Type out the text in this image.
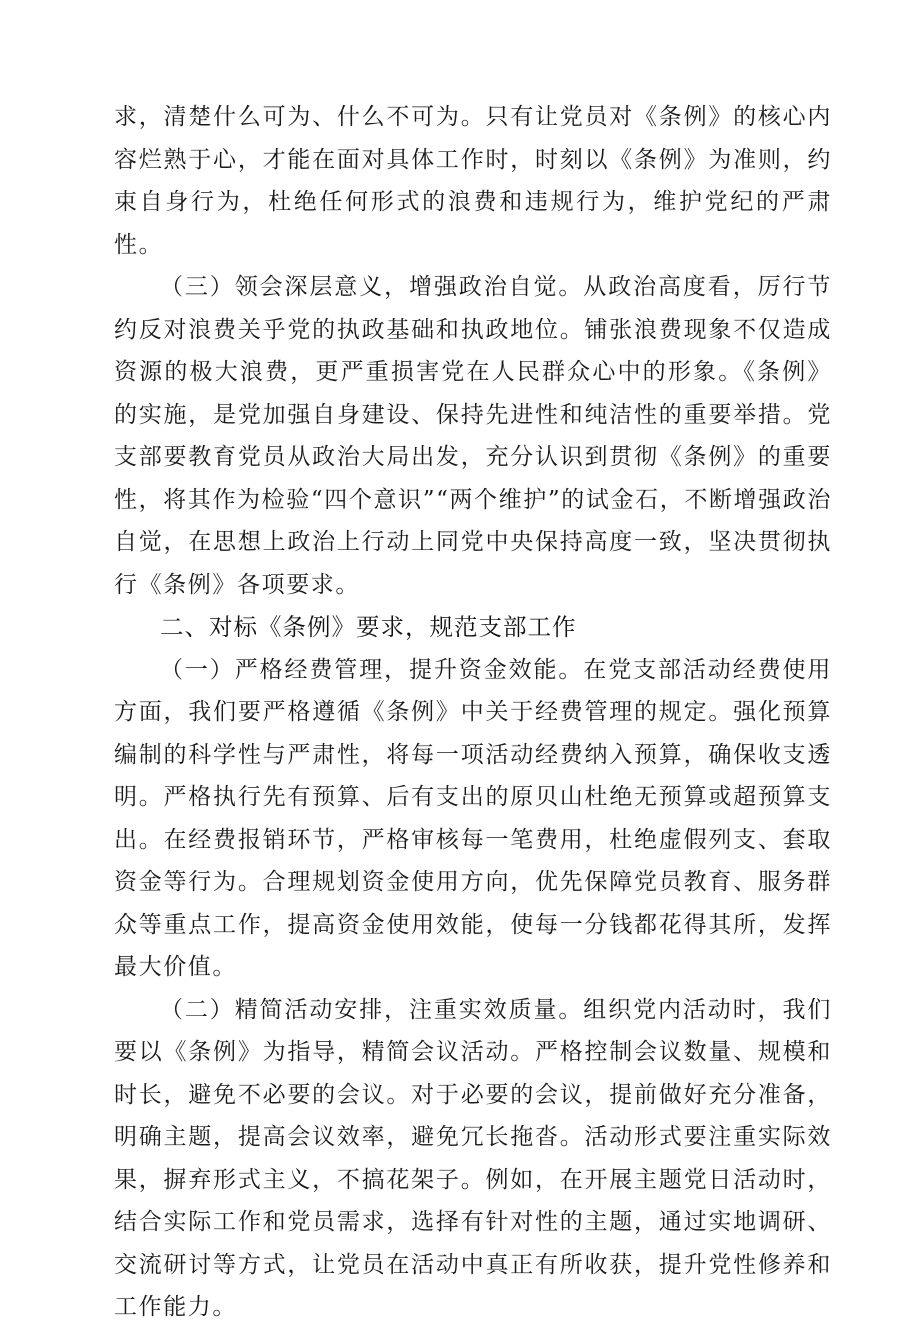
求，清楚什么可为、什么不可为。只有让党员对《条例》的核心内容烂熟于心，才能在面对具体工作时，时刻以《条例》为准则，约束自身行为，杜绝任何形式的浪费和违规行为，维护党纪的严肃性。

（三）领会深层意义，增强政治自觉。从政治高度看，厉行节约反对浪费关乎党的执政基础和执政地位。铺张浪费现象不仅造成资源的极大浪费，更严重损害党在人民群众心中的形象。《条例》的实施，是党加强自身建设、保持先进性和纯洁性的重要举措。党支部要教育党员从政治大局出发，充分认识到贯彻《条例》的重要性，将其作为检验“四个意识”“两个维护”的试金石，不断增强政治自觉，在思想上政治上行动上同党中央保持高度一致，坚决贯彻执行《条例》各项要求。

二、对标《条例》要求，规范支部工作

（一）严格经费管理，提升资金效能。在党支部活动经费使用方面，我们要严格遵循《条例》中关于经费管理的规定。强化预算编制的科学性与严肃性，将每一项活动经费纳入预算，确保收支透明。严格执行先有预算、后有支出的原贝山杜绝无预算或超预算支出。在经费报销环节，严格审核每一笔费用，杜绝虚假列支、套取资金等行为。合理规划资金使用方向，优先保障党员教育、服务群众等重点工作，提高资金使用效能，使每一分钱都花得其所，发挥最大价值。

（二）精简活动安排，注重实效质量。组织党内活动时，我们要以《条例》为指导，精简会议活动。严格控制会议数量、规模和时长，避免不必要的会议。对于必要的会议，提前做好充分准备，明确主题，提高会议效率，避免冗长拖沓。活动形式要注重实际效果，摒弃形式主义，不搞花架子。例如，在开展主题党日活动时，结合实际工作和党员需求，选择有针对性的主题，通过实地调研、交流研讨等方式，让党员在活动中真正有所收获，提升党性修养和工作能力。
